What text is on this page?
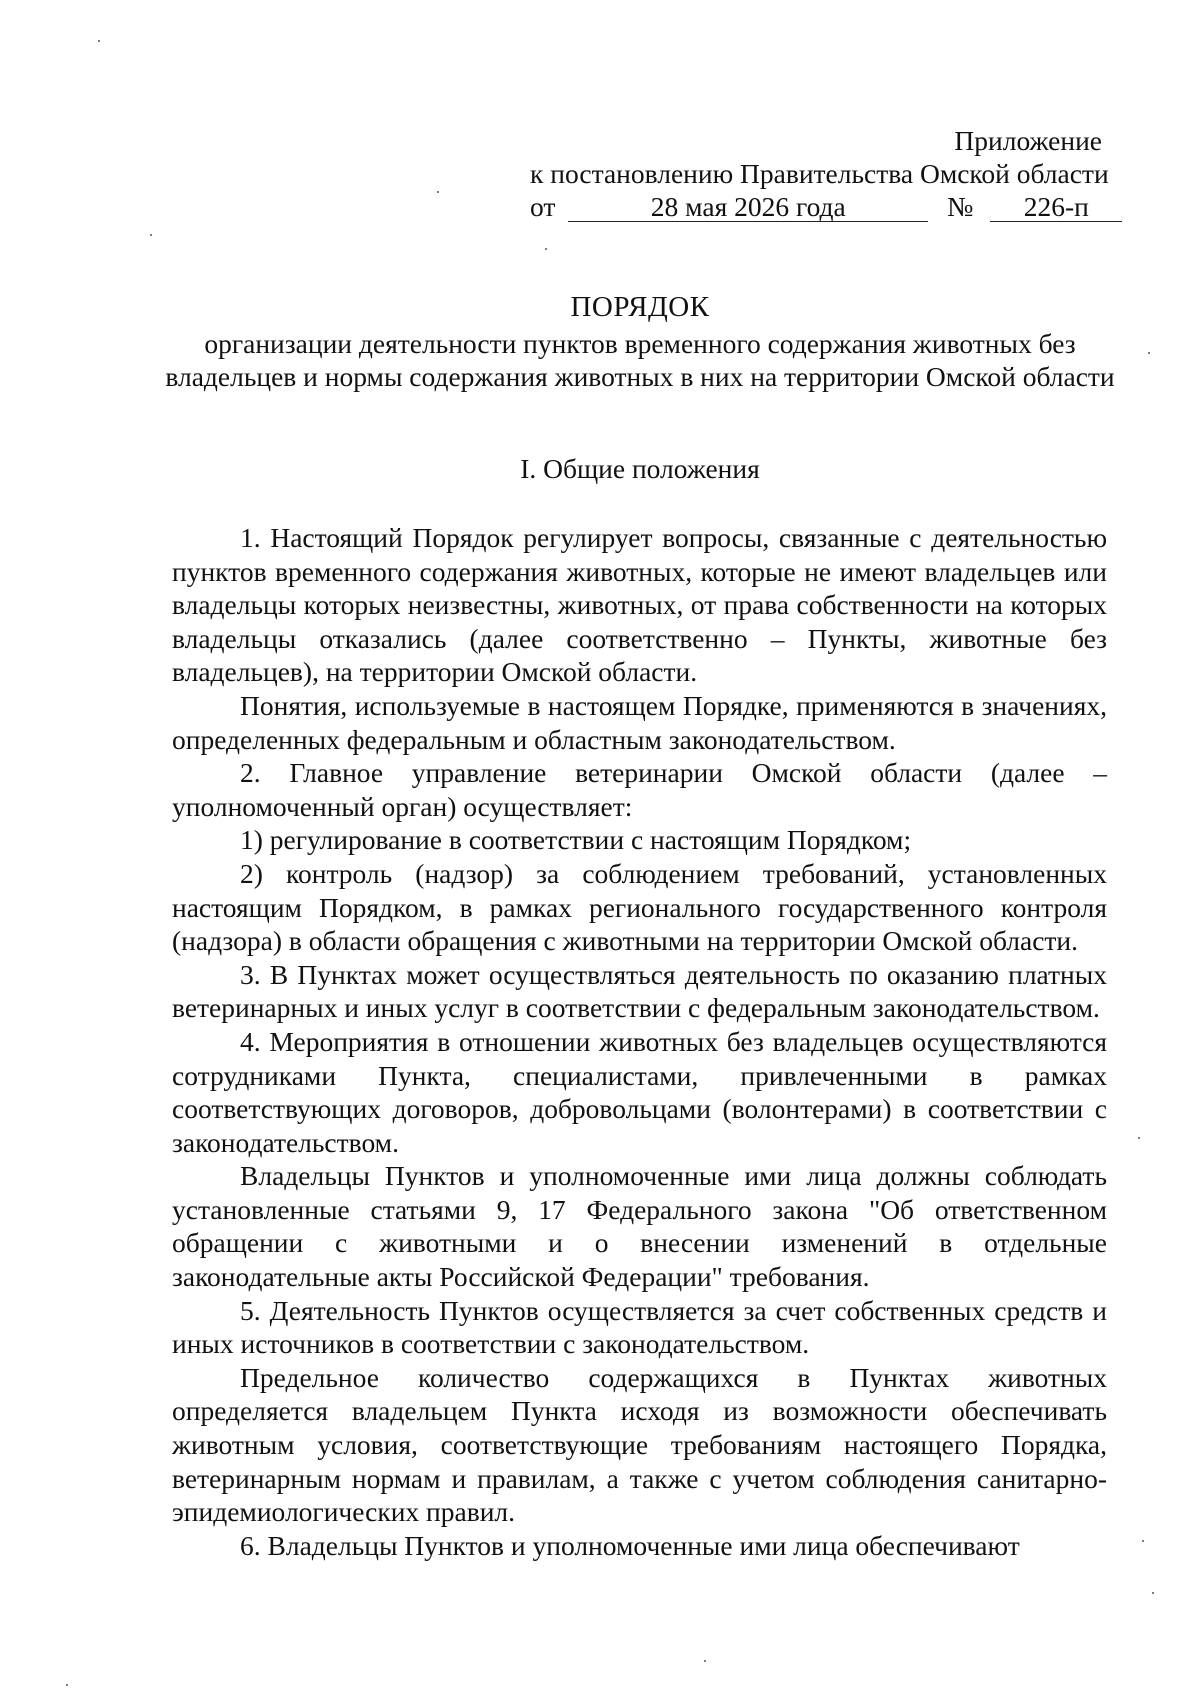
Приложение
к постановлению Правительства Омской области
от	28 мая 2026 года	№ 226-п
ПОРЯДОК
организации деятельности пунктов временного содержания животных без владельцев и нормы содержания животных в них на территории Омской области
I. Общие положения

1. Настоящий Порядок регулирует вопросы, связанные с деятельностью пунктов временного содержания животных, которые не имеют владельцев или владельцы которых неизвестны, животных, от права собственности на которых владельцы отказались (далее соответственно – Пункты, животные без владельцев), на территории Омской области.

Понятия, используемые в настоящем Порядке, применяются в значениях, определенных федеральным и областным законодательством.

2. Главное управление ветеринарии Омской области (далее – уполномоченный орган) осуществляет:

1) регулирование в соответствии с настоящим Порядком;

2) контроль (надзор) за соблюдением требований, установленных настоящим Порядком, в рамках регионального государственного контроля (надзора) в области обращения с животными на территории Омской области.

3. В Пунктах может осуществляться деятельность по оказанию платных ветеринарных и иных услуг в соответствии с федеральным законодательством.

4. Мероприятия в отношении животных без владельцев осуществляются сотрудниками Пункта, специалистами, привлеченными в рамках соответствующих договоров, добровольцами (волонтерами) в соответствии с законодательством.

Владельцы Пунктов и уполномоченные ими лица должны соблюдать установленные статьями 9, 17 Федерального закона "Об ответственном обращении с животными и о внесении изменений в отдельные законодательные акты Российской Федерации" требования.

5. Деятельность Пунктов осуществляется за счет собственных средств и иных источников в соответствии с законодательством.

Предельное количество содержащихся в Пунктах животных определяется владельцем Пункта исходя из возможности обеспечивать животным условия, соответствующие требованиям настоящего Порядка, ветеринарным нормам и правилам, а также с учетом соблюдения санитарно-эпидемиологических правил.

6. Владельцы Пунктов и уполномоченные ими лица обеспечивают
